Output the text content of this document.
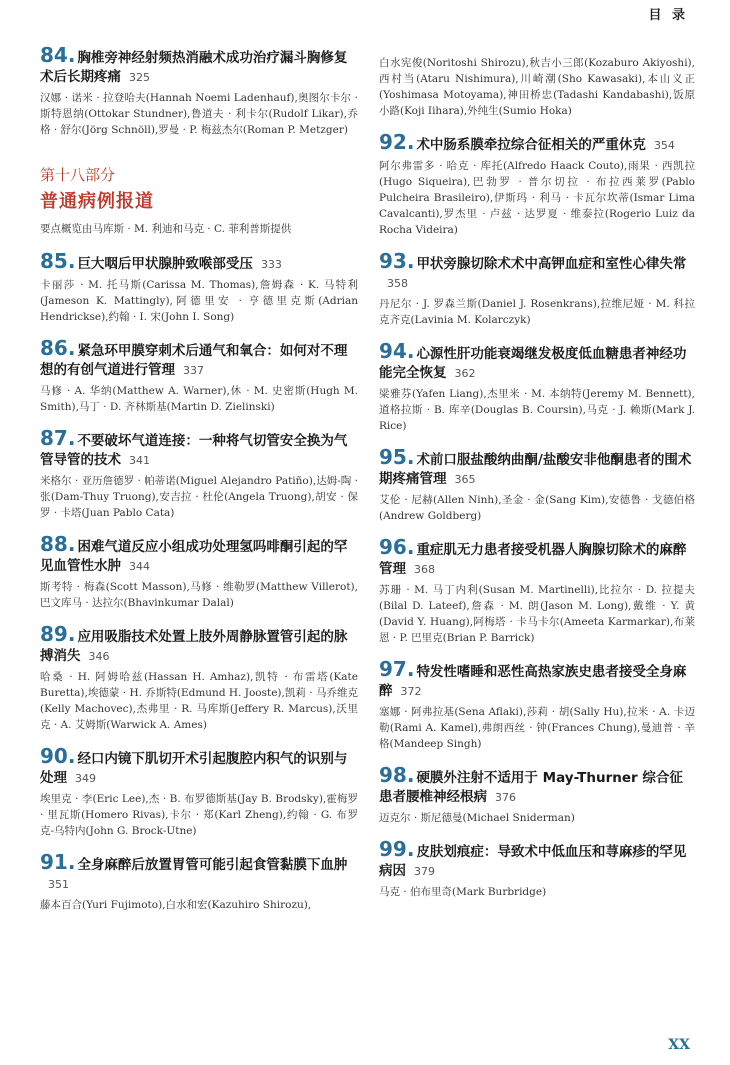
目 录
84. 胸椎旁神经射频热消融术成功治疗漏斗胸修复术后长期疼痛 325
汉娜 · 诺米 · 拉登哈夫(Hannah Noemi Ladenhauf),奥图尔卡尔 · 斯特恩纳(Ottokar Stundner),鲁道夫 · 利卡尔(Rudolf Likar),乔格 · 舒尔(Jörg Schnöll),罗曼 · P. 梅兹杰尔(Roman P. Metzger)
第十八部分
普通病例报道
要点概览由马库斯 · M. 利迪和马克 · C. 菲利普斯提供
85. 巨大咽后甲状腺肿致喉部受压 333
卡丽莎 · M. 托马斯(Carissa M. Thomas),詹姆森 · K. 马特利(Jameson K. Mattingly),阿德里安 · 亨德里克斯(Adrian Hendrickse),约翰 · I. 宋(John I. Song)
86. 紧急环甲膜穿刺术后通气和氧合：如何对不理想的有创气道进行管理 337
马修 · A. 华纳(Matthew A. Warner),休 · M. 史密斯(Hugh M. Smith),马丁 · D. 齐林斯基(Martin D. Zielinski)
87. 不要破坏气道连接：一种将气切管安全换为气管导管的技术 341
米格尔 · 亚历詹德罗 · 帕蒂诺(Miguel Alejandro Patiño),达姆-陶 · 张(Dam-Thuy Truong),安吉拉 · 杜伦(Angela Truong),胡安 · 保罗 · 卡塔(Juan Pablo Cata)
88. 困难气道反应小组成功处理氢吗啡酮引起的罕见血管性水肿 344
斯考特 · 梅森(Scott Masson),马修 · 维勒罗(Matthew Villerot),巴文库马 · 达拉尔(Bhavinkumar Dalal)
89. 应用吸脂技术处置上肢外周静脉置管引起的脉搏消失 346
哈桑 · H. 阿姆哈兹(Hassan H. Amhaz),凯特 · 布雷塔(Kate Buretta),埃德蒙 · H. 乔斯特(Edmund H. Jooste),凯莉 · 马乔维克(Kelly Machovec),杰弗里 · R. 马库斯(Jeffery R. Marcus),沃里克 · A. 艾姆斯(Warwick A. Ames)
90. 经口内镜下肌切开术引起腹腔内积气的识别与处理 349
埃里克 · 李(Eric Lee),杰 · B. 布罗德斯基(Jay B. Brodsky),霍梅罗 · 里瓦斯(Homero Rivas),卡尔 · 郑(Karl Zheng),约翰 · G. 布罗克-乌特内(John G. Brock-Utne)
91. 全身麻醉后放置胃管可能引起食管黏膜下血肿351
藤本百合(Yuri Fujimoto),白水和宏(Kazuhiro Shirozu),
白水宪俊(Noritoshi Shirozu),秋吉小三郎(Kozaburo Akiyoshi),西村当(Ataru Nishimura),川崎潮(Sho Kawasaki),本山义正(Yoshimasa Motoyama),神田桥忠(Tadashi Kandabashi),饭原小路(Koji Iihara),外纯生(Sumio Hoka)
92. 术中肠系膜牵拉综合征相关的严重休克 354
阿尔弗雷多 · 哈克 · 库托(Alfredo Haack Couto),雨果 · 西凯拉(Hugo Siqueira),巴勃罗 · 普尔切拉 · 布拉西莱罗(Pablo Pulcheira Brasileiro),伊斯玛 · 利马 · 卡瓦尔坎蒂(Ismar Lima Cavalcanti),罗杰里 · 卢兹 · 达罗夏 · 维泰拉(Rogerio Luiz da Rocha Videira)
93. 甲状旁腺切除术术中高钾血症和室性心律失常358
丹尼尔 · J. 罗森兰斯(Daniel J. Rosenkrans),拉维尼娅 · M. 科拉克齐克(Lavinia M. Kolarczyk)
94. 心源性肝功能衰竭继发极度低血糖患者神经功能完全恢复 362
梁雅芬(Yafen Liang),杰里米 · M. 本纳特(Jeremy M. Bennett),道格拉斯 · B. 库辛(Douglas B. Coursin),马克 · J. 赖斯(Mark J. Rice)
95. 术前口服盐酸纳曲酮/盐酸安非他酮患者的围术期疼痛管理 365
艾伦 · 尼赫(Allen Ninh),圣金 · 金(Sang Kim),安德鲁 · 戈德伯格(Andrew Goldberg)
96. 重症肌无力患者接受机器人胸腺切除术的麻醉管理 368
苏珊 · M. 马丁内利(Susan M. Martinelli),比拉尔 · D. 拉提夫(Bilal D. Lateef),詹森 · M. 朗(Jason M. Long),戴维 · Y. 黄(David Y. Huang),阿梅塔 · 卡马卡尔(Ameeta Karmarkar),布莱恩 · P. 巴里克(Brian P. Barrick)
97. 特发性嗜睡和恶性高热家族史患者接受全身麻醉 372
塞娜 · 阿弗拉基(Sena Aflaki),莎莉 · 胡(Sally Hu),拉米 · A. 卡迈勒(Rami A. Kamel),弗朗西丝 · 钟(Frances Chung),曼迪普 · 辛格(Mandeep Singh)
98. 硬膜外注射不适用于 May-Thurner 综合征患者腰椎神经根病 376
迈克尔 · 斯尼德曼(Michael Sniderman)
99. 皮肤划痕症：导致术中低血压和荨麻疹的罕见病因 379
马克 · 伯布里奇(Mark Burbridge)
XX
